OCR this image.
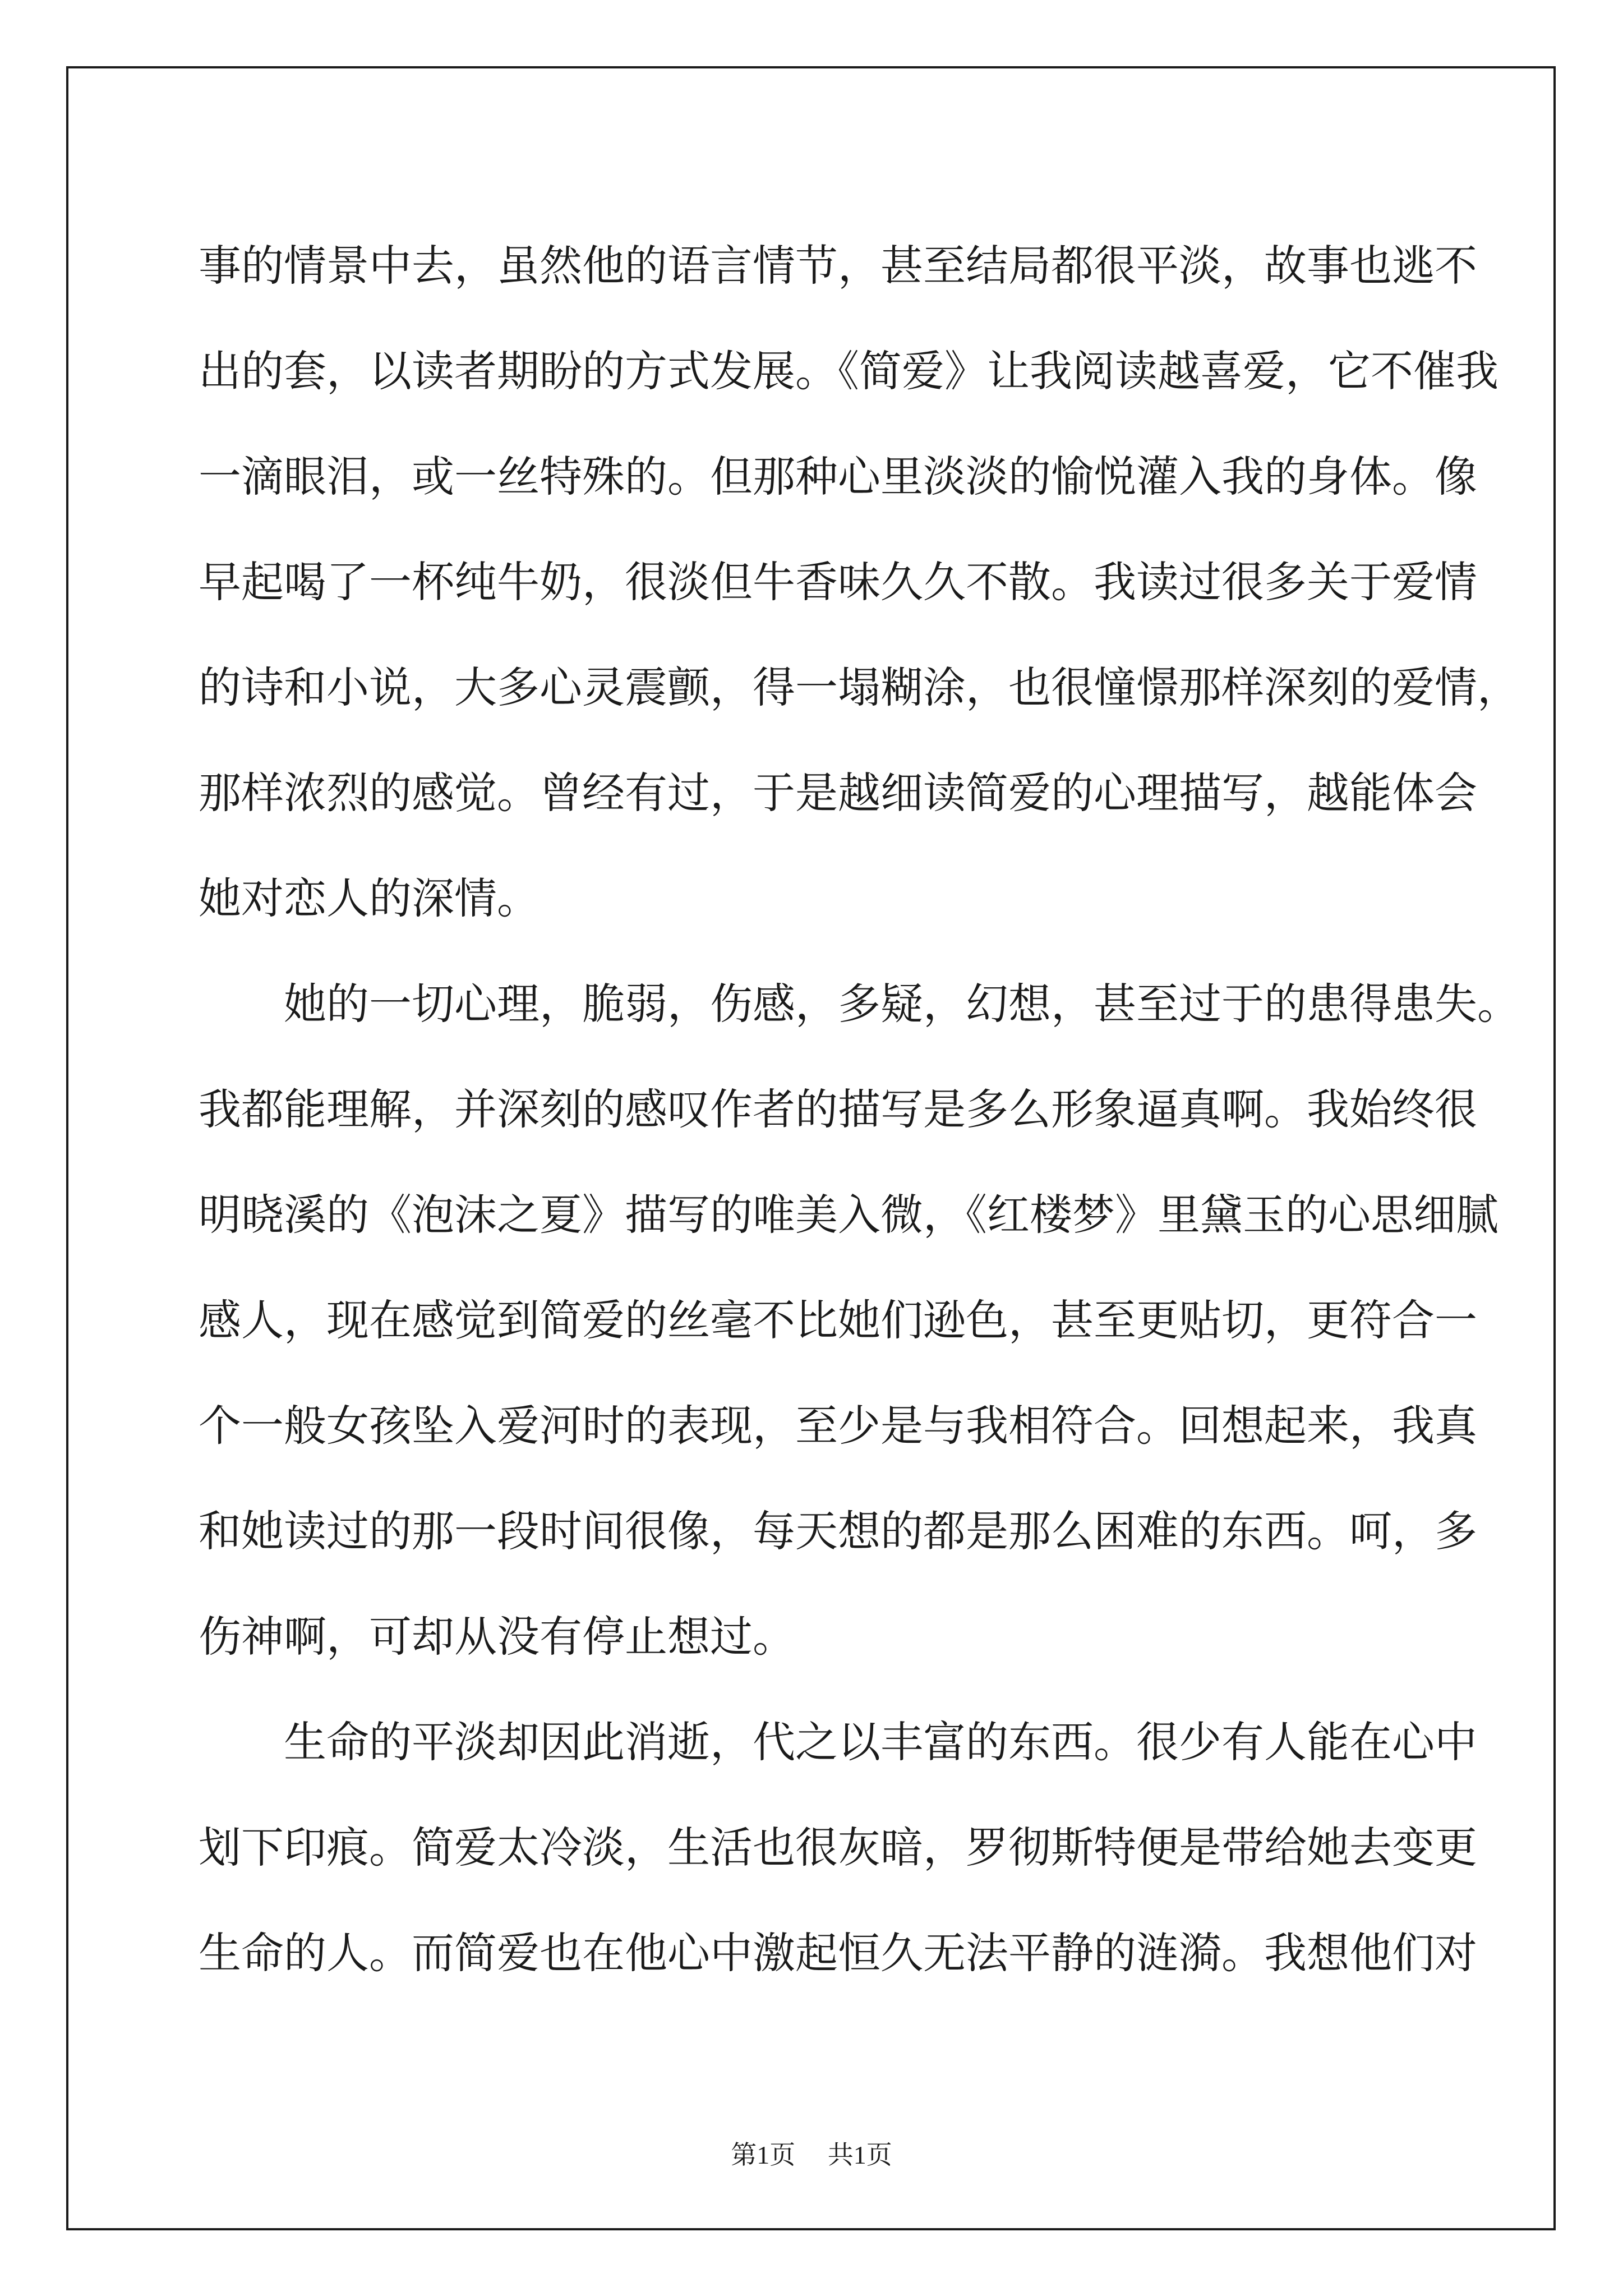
事的情景中去，虽然他的语言情节，甚至结局都很平淡，故事也逃不
出的套，以读者期盼的方式发展。《简爱》让我阅读越喜爱，它不催我
一滴眼泪，或一丝特殊的。但那种心里淡淡的愉悦灌入我的身体。像
早起喝了一杯纯牛奶，很淡但牛香味久久不散。我读过很多关于爱情
的诗和小说，大多心灵震颤，得一塌糊涂，也很憧憬那样深刻的爱情，
那样浓烈的感觉。曾经有过，于是越细读简爱的心理描写，越能体会
她对恋人的深情。
她的一切心理，脆弱，伤感，多疑，幻想，甚至过于的患得患失。
我都能理解，并深刻的感叹作者的描写是多么形象逼真啊。我始终很
明晓溪的《泡沫之夏》描写的唯美入微，《红楼梦》里黛玉的心思细腻
感人，现在感觉到简爱的丝毫不比她们逊色，甚至更贴切，更符合一
个一般女孩坠入爱河时的表现，至少是与我相符合。回想起来，我真
和她读过的那一段时间很像，每天想的都是那么困难的东西。呵，多
伤神啊，可却从没有停止想过。
生命的平淡却因此消逝，代之以丰富的东西。很少有人能在心中
划下印痕。简爱太冷淡，生活也很灰暗，罗彻斯特便是带给她去变更
生命的人。而简爱也在他心中激起恒久无法平静的涟漪。我想他们对
第1页 共1页
